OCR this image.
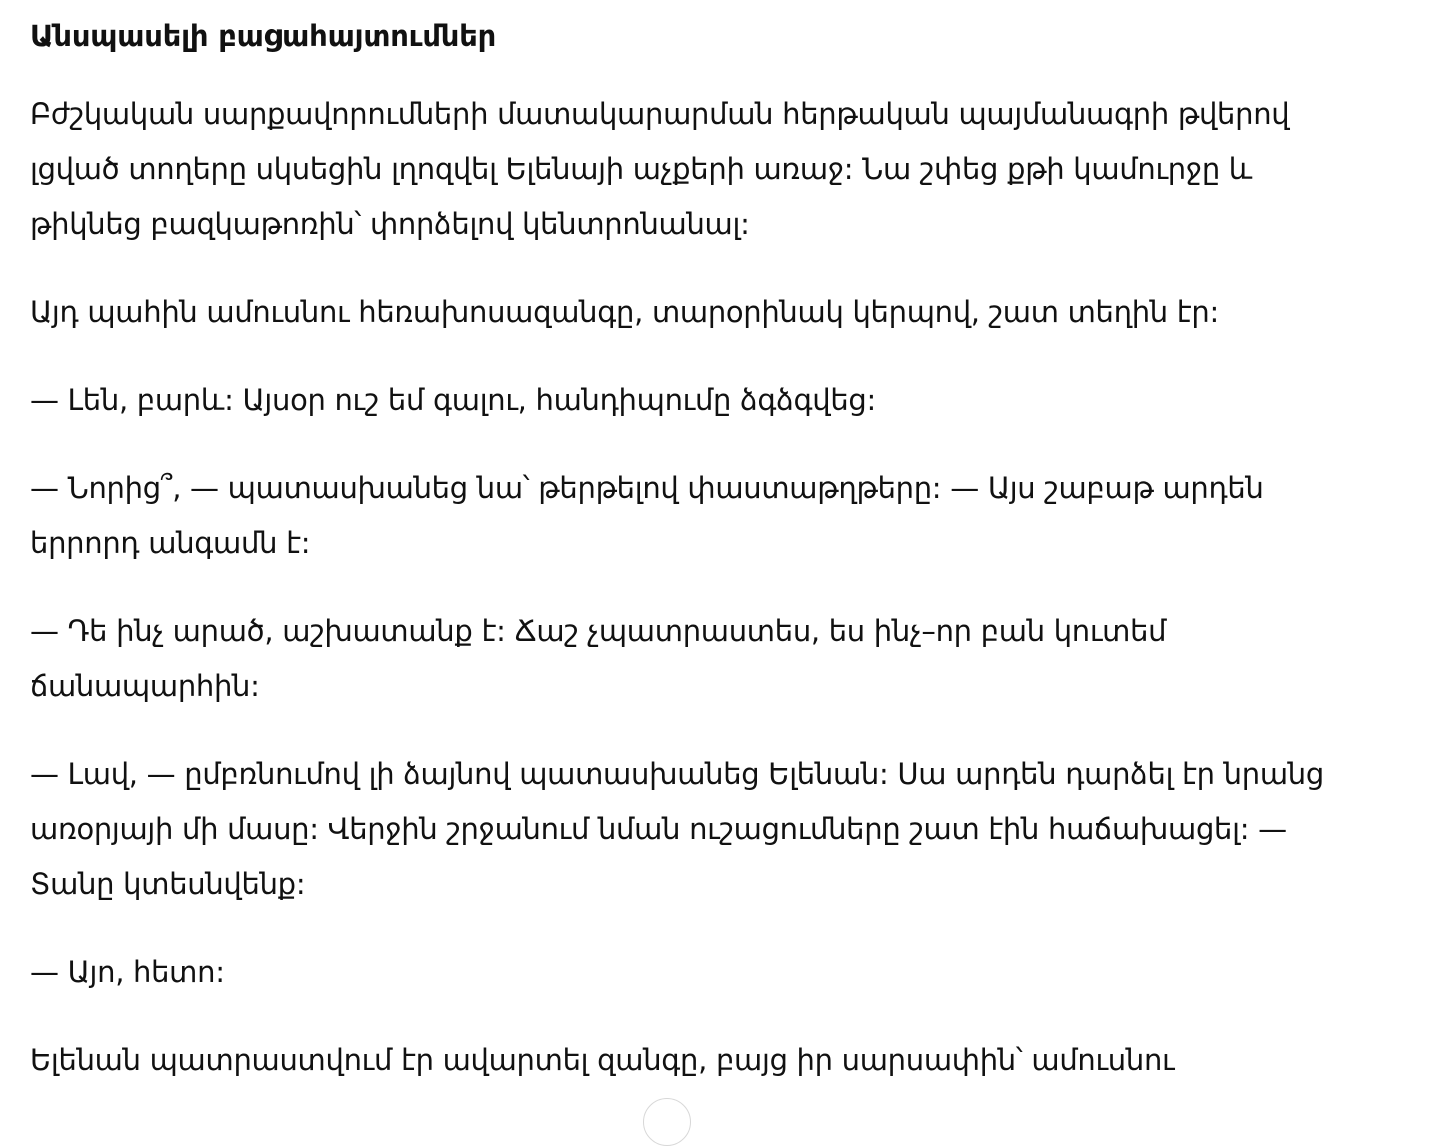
Անսպասելի բացահայտումներ

Բժշկական սարքավորումների մատակարարման հերթական պայմանագրի թվերով լցված տողերը սկսեցին լղոզվել Ելենայի աչքերի առաջ: Նա շփեց քթի կամուրջը և թիկնեց բազկաթոռին՝ փորձելով կենտրոնանալ:

Այդ պահին ամուսնու հեռախոսազանգը, տարօրինակ կերպով, շատ տեղին էր:

— Լեն, բարև: Այսօր ուշ եմ գալու, հանդիպումը ձգձգվեց:

— Նորից՞, — պատասխանեց նա՝ թերթելով փաստաթղթերը: — Այս շաբաթ արդեն երրորդ անգամն է:

— Դե ինչ արած, աշխատանք է: Ճաշ չպատրաստես, ես ինչ–որ բան կուտեմ ճանապարհին:

— Լավ, — ըմբռնումով լի ձայնով պատասխանեց Ելենան: Սա արդեն դարձել էր նրանց առօրյայի մի մասը: Վերջին շրջանում նման ուշացումները շատ էին հաճախացել: — Տանը կտեսնվենք:

— Այո, հետո:

Ելենան պատրաստվում էր ավարտել զանգը, բայց իր սարսափին՝ ամուսնու
